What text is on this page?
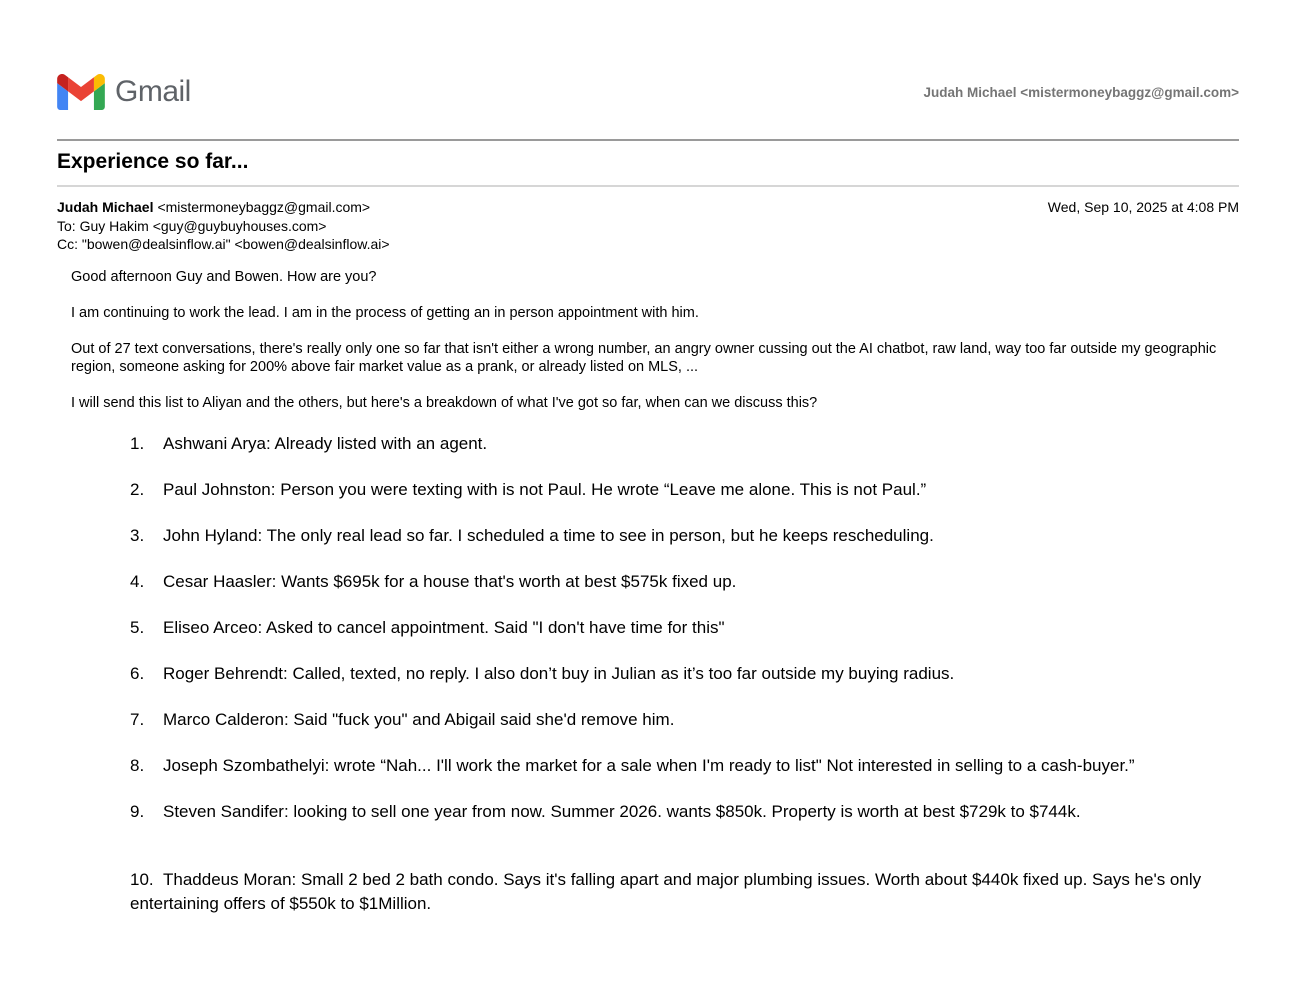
Gmail	Judah Michael <mistermoneybaggz@gmail.com>
Experience so far...
Judah Michael <mistermoneybaggz@gmail.com>
To: Guy Hakim <guy@guybuyhouses.com>
Cc: "bowen@dealsinflow.ai" <bowen@dealsinflow.ai>
Wed, Sep 10, 2025 at 4:08 PM

Good afternoon Guy and Bowen. How are you?

I am continuing to work the lead. I am in the process of getting an in person appointment with him.

Out of 27 text conversations, there's really only one so far that isn't either a wrong number, an angry owner cussing out the AI chatbot, raw land, way too far outside my geographic region, someone asking for 200% above fair market value as a prank, or already listed on MLS, ...

I will send this list to Aliyan and the others, but here's a breakdown of what I've got so far, when can we discuss this?

1. Ashwani Arya: Already listed with an agent.
2. Paul Johnston: Person you were texting with is not Paul. He wrote “Leave me alone. This is not Paul.”
3. John Hyland: The only real lead so far. I scheduled a time to see in person, but he keeps rescheduling.
4. Cesar Haasler: Wants $695k for a house that's worth at best $575k fixed up.
5. Eliseo Arceo: Asked to cancel appointment. Said "I don't have time for this"
6. Roger Behrendt: Called, texted, no reply. I also don’t buy in Julian as it’s too far outside my buying radius.
7. Marco Calderon: Said "fuck you" and Abigail said she'd remove him.
8. Joseph Szombathelyi: wrote “Nah... I'll work the market for a sale when I'm ready to list" Not interested in selling to a cash-buyer.”
9. Steven Sandifer: looking to sell one year from now. Summer 2026. wants $850k. Property is worth at best $729k to $744k.
10. Thaddeus Moran: Small 2 bed 2 bath condo. Says it's falling apart and major plumbing issues. Worth about $440k fixed up. Says he's only entertaining offers of $550k to $1Million.
